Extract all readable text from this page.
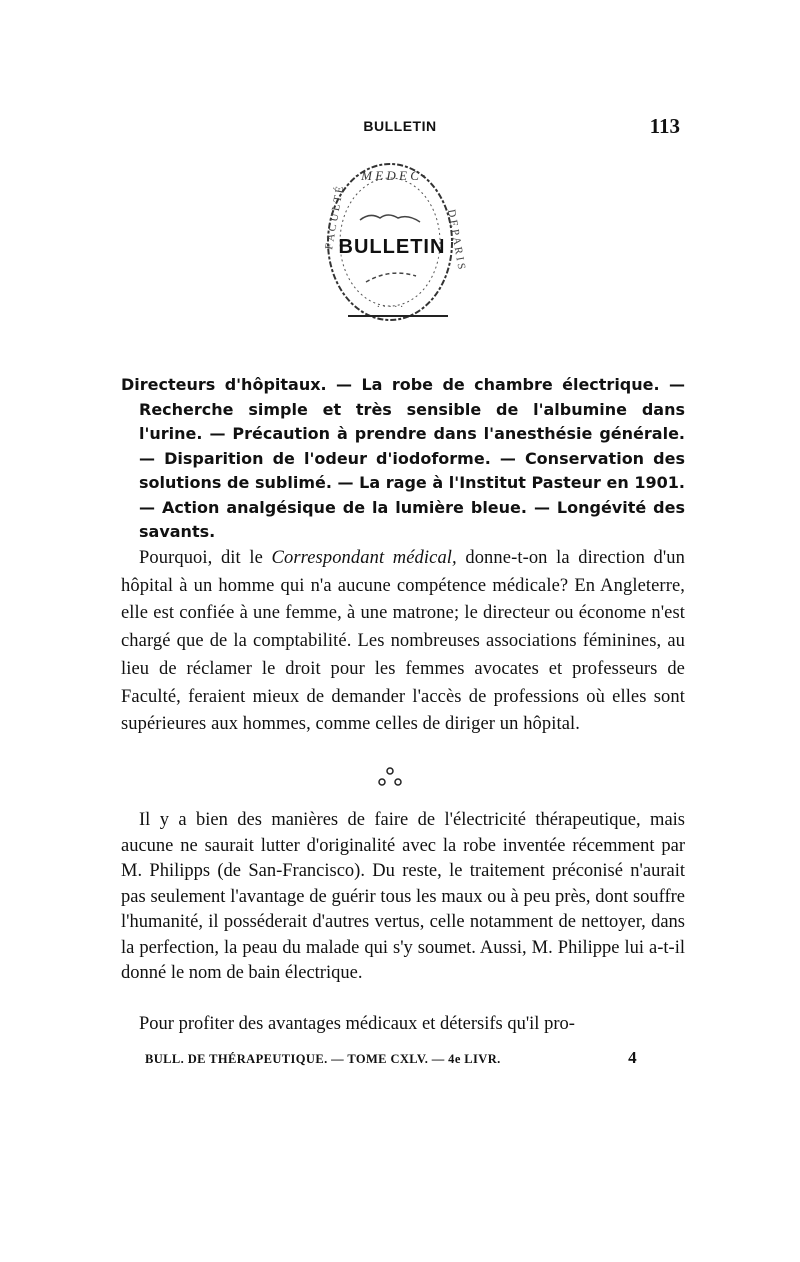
BULLETIN	113
· M E D E C ·
F A C U L T É	D E P A R I S
· · · · ·
BULLETIN

Directeurs d'hôpitaux. — La robe de chambre électrique. — Recherche simple et très sensible de l'albumine dans l'urine. — Précaution à prendre dans l'anesthésie générale. — Disparition de l'odeur d'iodoforme. — Conservation des solutions de sublimé. — La rage à l'Institut Pasteur en 1901. — Action analgésique de la lumière bleue. — Longévité des savants.

Pourquoi, dit le Correspondant médical, donne-t-on la direction d'un hôpital à un homme qui n'a aucune compétence médicale? En Angleterre, elle est confiée à une femme, à une matrone; le directeur ou économe n'est chargé que de la comptabilité. Les nombreuses associations féminines, au lieu de réclamer le droit pour les femmes avocates et professeurs de Faculté, feraient mieux de demander l'accès de professions où elles sont supérieures aux hommes, comme celles de diriger un hôpital.

Il y a bien des manières de faire de l'électricité thérapeutique, mais aucune ne saurait lutter d'originalité avec la robe inventée récemment par M. Philipps (de San-Francisco). Du reste, le traitement préconisé n'aurait pas seulement l'avantage de guérir tous les maux ou à peu près, dont souffre l'humanité, il posséderait d'autres vertus, celle notamment de nettoyer, dans la perfection, la peau du malade qui s'y soumet. Aussi, M. Philippe lui a-t-il donné le nom de bain électrique.

Pour profiter des avantages médicaux et détersifs qu'il pro-

BULL. DE THÉRAPEUTIQUE. — TOME CXLV. — 4e LIVR.	4
